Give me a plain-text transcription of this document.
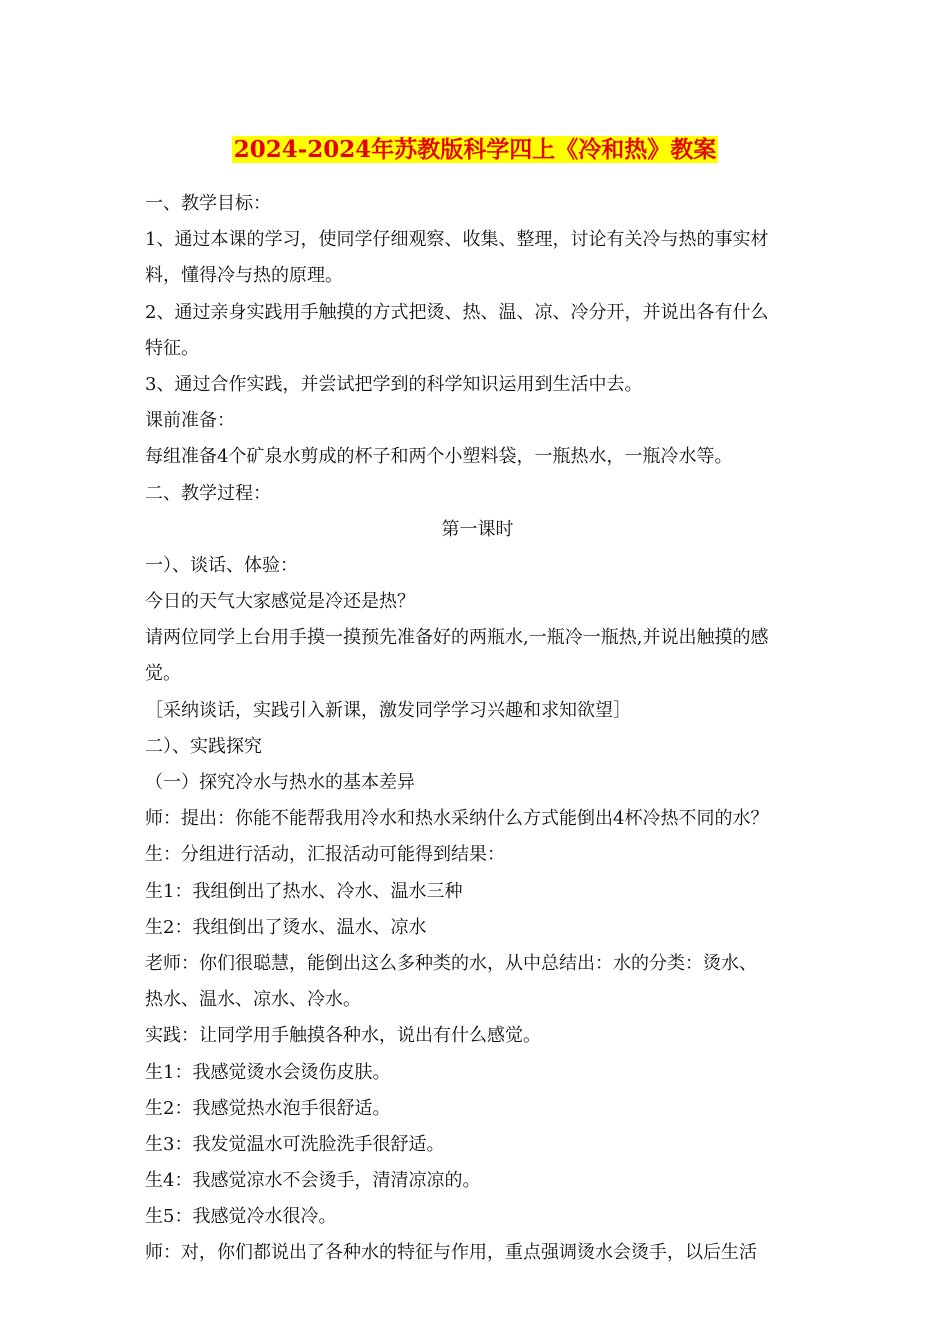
2024-2024年苏教版科学四上《冷和热》教案
一、教学目标：
1、通过本课的学习，使同学仔细观察、收集、整理，讨论有关冷与热的事实材
料，懂得冷与热的原理。
2、通过亲身实践用手触摸的方式把烫、热、温、凉、冷分开，并说出各有什么
特征。
3、通过合作实践，并尝试把学到的科学知识运用到生活中去。
课前准备：
每组准备4个矿泉水剪成的杯子和两个小塑料袋，一瓶热水，一瓶冷水等。
二、教学过程：
第一课时
一）、谈话、体验：
今日的天气大家感觉是冷还是热？
请两位同学上台用手摸一摸预先准备好的两瓶水,一瓶冷一瓶热,并说出触摸的感
觉。
［采纳谈话，实践引入新课，激发同学学习兴趣和求知欲望］
二）、实践探究
（一）探究冷水与热水的基本差异
师：提出：你能不能帮我用冷水和热水采纳什么方式能倒出4杯冷热不同的水？
生：分组进行活动，汇报活动可能得到结果：
生1：我组倒出了热水、冷水、温水三种
生2：我组倒出了烫水、温水、凉水
老师：你们很聪慧，能倒出这么多种类的水，从中总结出：水的分类：烫水、
热水、温水、凉水、冷水。
实践：让同学用手触摸各种水，说出有什么感觉。
生1：我感觉烫水会烫伤皮肤。
生2：我感觉热水泡手很舒适。
生3：我发觉温水可洗脸洗手很舒适。
生4：我感觉凉水不会烫手，清清凉凉的。
生5：我感觉冷水很冷。
师：对，你们都说出了各种水的特征与作用，重点强调烫水会烫手，以后生活
